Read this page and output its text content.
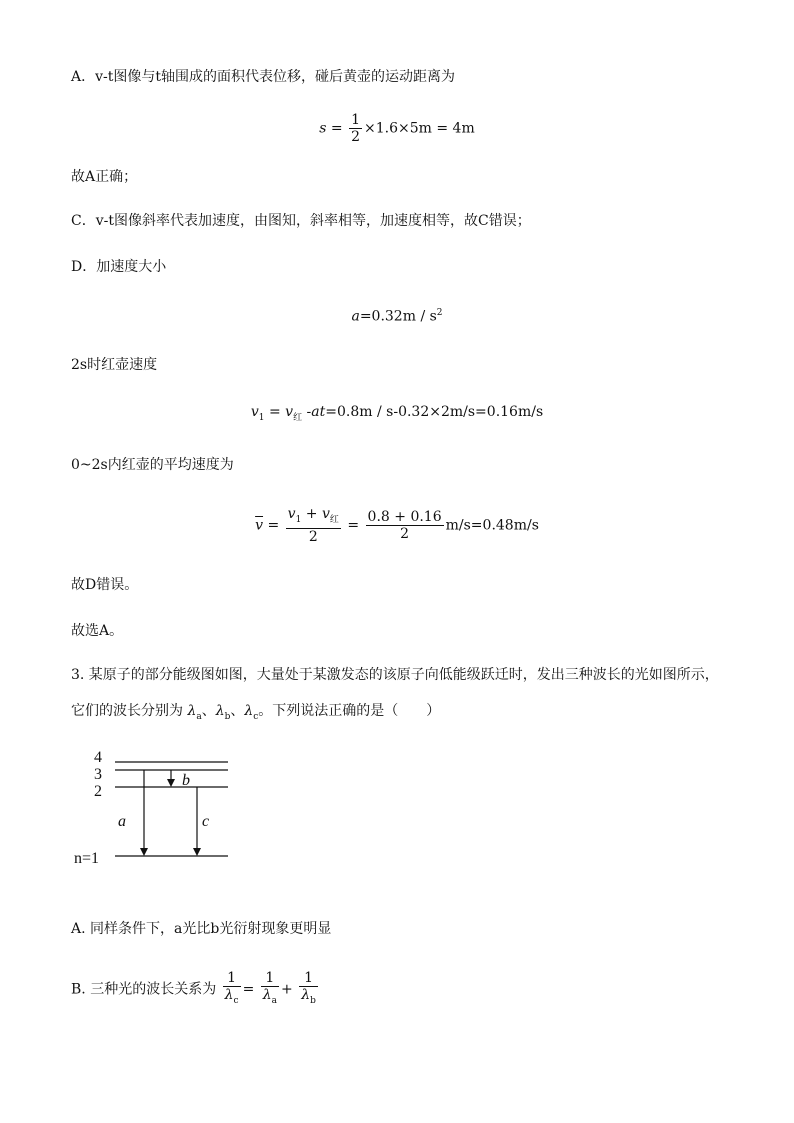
A．v-t图像与t轴围成的面积代表位移，碰后黄壶的运动距离为
$s = \frac{1}{2} \times 1.6\times 5m = 4m$
故A正确；
C．v-t图像斜率代表加速度，由图知，斜率相等，加速度相等，故C错误；
D．加速度大小
$a=0.32m / s^2$
2s时红壶速度
$v_1 = v_红$ -at=0.8m / s-0.32×2m/s=0.16m/s
0~2s内红壶的平均速度为
$\overline{v} = \frac{v_1 + v_红}{2} = \frac{0.8 + 0.16}{2} m/s=0.48m/s$
故D错误。
故选A。
3. 某原子的部分能级图如图，大量处于某激发态的该原子向低能级跃迁时，发出三种波长的光如图所示，
它们的波长分别为 $\lambda_a$、$\lambda_b$、$\lambda_c$。下列说法正确的是（　　）
4
3
2
n=1
a
b
c
A. 同样条件下，a光比b光衍射现象更明显
B. 三种光的波长关系为 $\frac{1}{\lambda_c} = \frac{1}{\lambda_a} + \frac{1}{\lambda_b}$
